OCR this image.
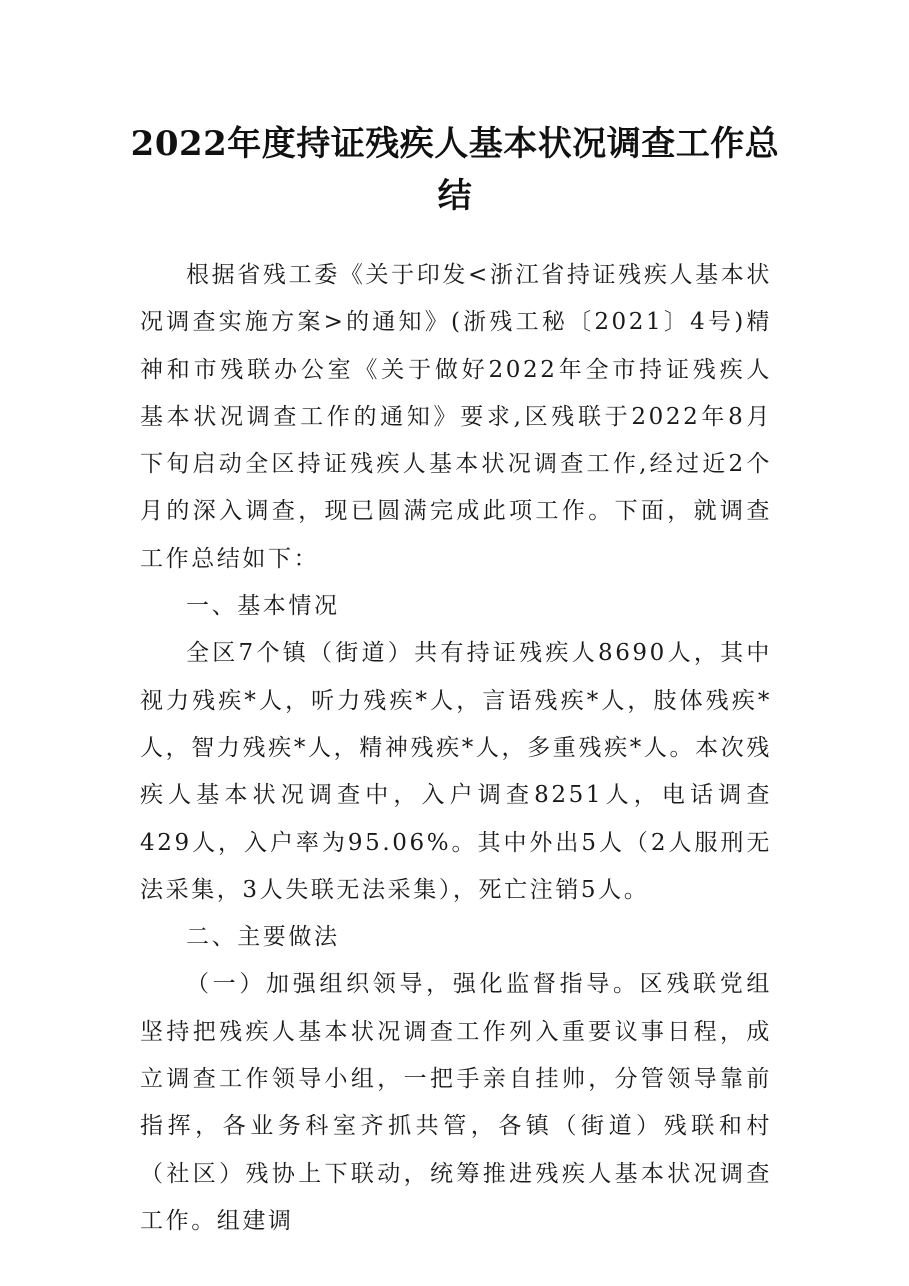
2022年度持证残疾人基本状况调查工作总结

根据省残工委《关于印发<浙江省持证残疾人基本状况调查实施方案>的通知》(浙残工秘〔2021〕4号)精神和市残联办公室《关于做好2022年全市持证残疾人基本状况调查工作的通知》要求,区残联于2022年8月下旬启动全区持证残疾人基本状况调查工作,经过近2个月的深入调查，现已圆满完成此项工作。下面，就调查工作总结如下：

一、基本情况

全区7个镇（街道）共有持证残疾人8690人，其中视力残疾*人，听力残疾*人，言语残疾*人，肢体残疾*人，智力残疾*人，精神残疾*人，多重残疾*人。本次残疾人基本状况调查中，入户调查8251人，电话调查429人，入户率为95.06%。其中外出5人（2人服刑无法采集，3人失联无法采集），死亡注销5人。

二、主要做法

（一）加强组织领导，强化监督指导。区残联党组坚持把残疾人基本状况调查工作列入重要议事日程，成立调查工作领导小组，一把手亲自挂帅，分管领导靠前指挥，各业务科室齐抓共管，各镇（街道）残联和村（社区）残协上下联动，统筹推进残疾人基本状况调查工作。组建调
